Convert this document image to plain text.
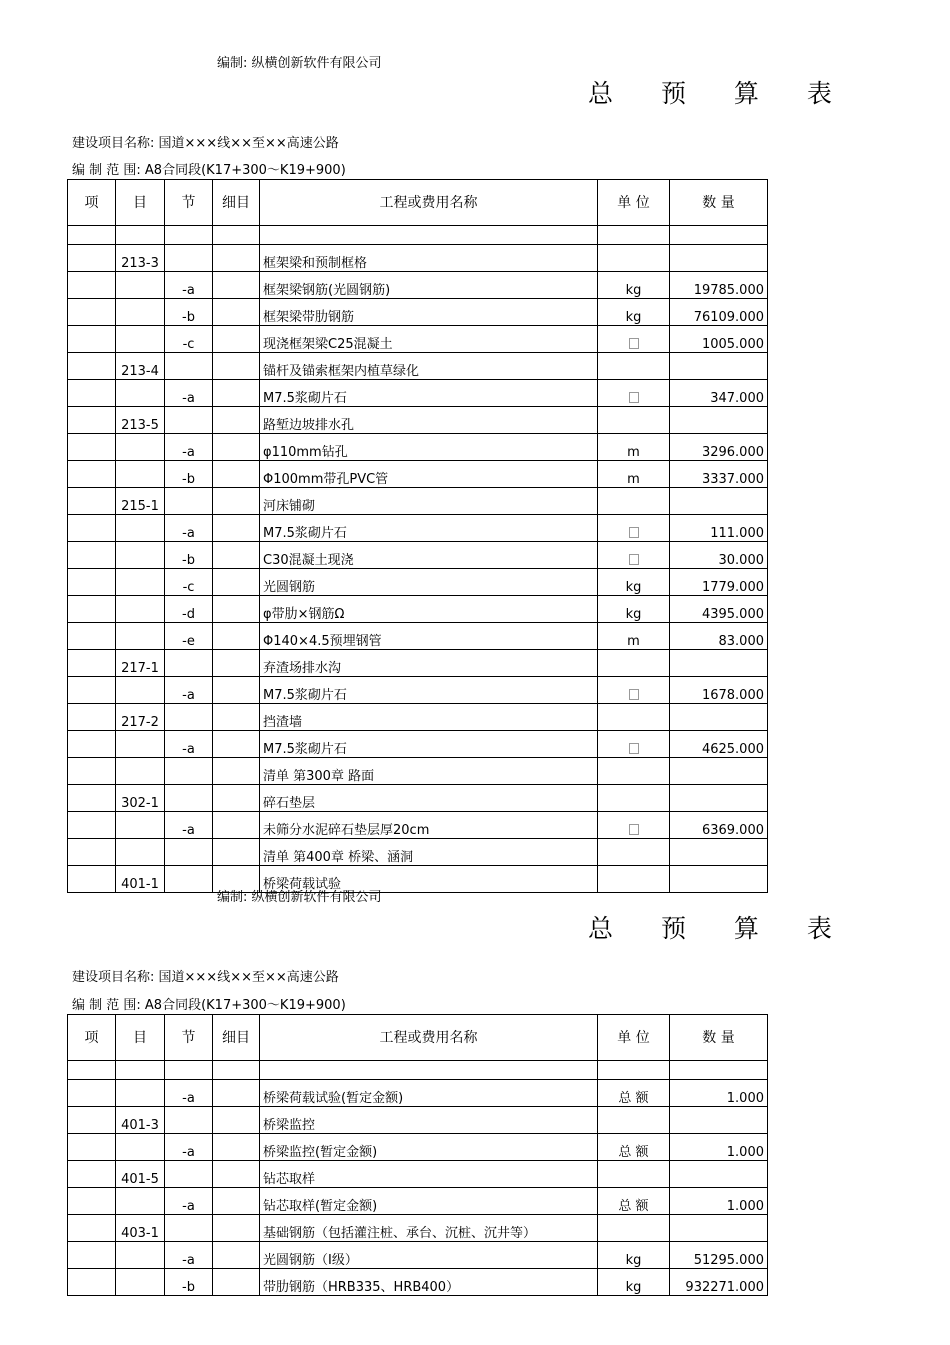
编制: 纵横创新软件有限公司
总 预 算 表
建设项目名称: 国道×××线××至××高速公路
编 制 范 围: A8合同段(K17+300～K19+900)
项	目	节	细目	工程或费用名称	单 位	数 量

	213-3			框架梁和预制框格		
		-a		框架梁钢筋(光圆钢筋)	kg	19785.000
		-b		框架梁带肋钢筋	kg	76109.000
		-c		现浇框架梁C25混凝土		1005.000
	213-4			锚杆及锚索框架内植草绿化		
		-a		M7.5浆砌片石		347.000
	213-5			路堑边坡排水孔		
		-a		φ110mm钻孔	m	3296.000
		-b		Φ100mm带孔PVC管	m	3337.000
	215-1			河床铺砌		
		-a		M7.5浆砌片石		111.000
		-b		C30混凝土现浇		30.000
		-c		光圆钢筋	kg	1779.000
		-d		φ带肋×钢筋Ω	kg	4395.000
		-e		Φ140×4.5预埋钢管	m	83.000
	217-1			弃渣场排水沟		
		-a		M7.5浆砌片石		1678.000
	217-2			挡渣墙		
		-a		M7.5浆砌片石		4625.000
				清单 第300章 路面		
	302-1			碎石垫层		
		-a		未筛分水泥碎石垫层厚20cm		6369.000
				清单 第400章 桥梁、涵洞		
	401-1			桥梁荷载试验		
编制: 纵横创新软件有限公司
总 预 算 表
建设项目名称: 国道×××线××至××高速公路
编 制 范 围: A8合同段(K17+300～K19+900)
项	目	节	细目	工程或费用名称	单 位	数 量

		-a		桥梁荷载试验(暂定金额)	总 额	1.000
	401-3			桥梁监控		
		-a		桥梁监控(暂定金额)	总 额	1.000
	401-5			钻芯取样		
		-a		钻芯取样(暂定金额)	总 额	1.000
	403-1			基础钢筋（包括灌注桩、承台、沉桩、沉井等）		
		-a		光圆钢筋（Ⅰ级）	kg	51295.000
		-b		带肋钢筋（HRB335、HRB400）	kg	932271.000
